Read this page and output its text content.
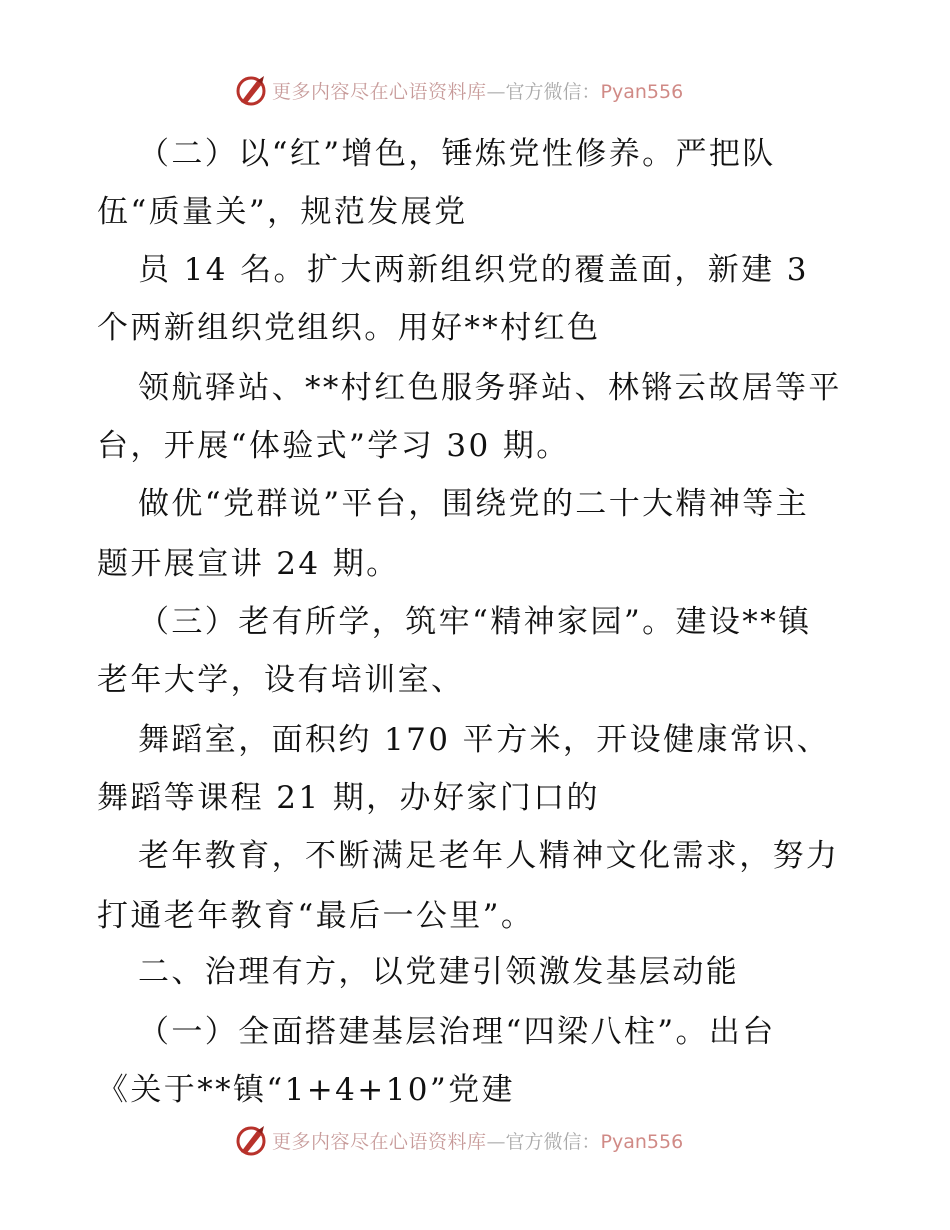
更多内容尽在心语资料库—官方微信：Pyan556
（二）以“红”增色，锤炼党性修养。严把队
伍“质量关”，规范发展党
员 14 名。扩大两新组织党的覆盖面，新建 3
个两新组织党组织。用好**村红色
领航驿站、**村红色服务驿站、林锵云故居等平
台，开展“体验式”学习 30 期。
做优“党群说”平台，围绕党的二十大精神等主
题开展宣讲 24 期。
（三）老有所学，筑牢“精神家园”。建设**镇
老年大学，设有培训室、
舞蹈室，面积约 170 平方米，开设健康常识、
舞蹈等课程 21 期，办好家门口的
老年教育，不断满足老年人精神文化需求，努力
打通老年教育“最后一公里”。
二、治理有方，以党建引领激发基层动能
（一）全面搭建基层治理“四梁八柱”。出台
《关于**镇“1+4+10”党建
更多内容尽在心语资料库—官方微信：Pyan556
